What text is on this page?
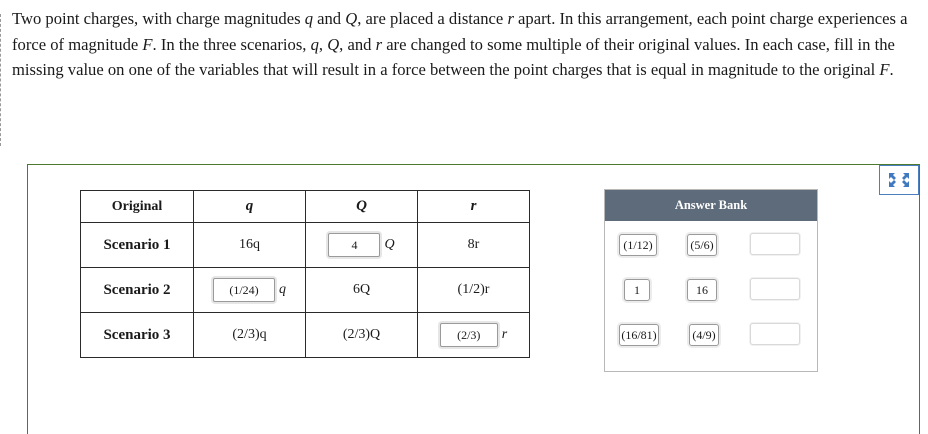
Two point charges, with charge magnitudes q and Q, are placed a distance r apart. In this arrangement, each point charge experiences a force of magnitude F. In the three scenarios, q, Q, and r are changed to some multiple of their original values. In each case, fill in the missing value on one of the variables that will result in a force between the point charges that is equal in magnitude to the original F.
Original	q	Q	r
Scenario 1	16q	4 Q	8r
Scenario 2	(1/24) q	6Q	(1/2)r
Scenario 3	(2/3)q	(2/3)Q	(2/3) r
Answer Bank
(1/12)	(5/6)
1	16
(16/81)	(4/9)
